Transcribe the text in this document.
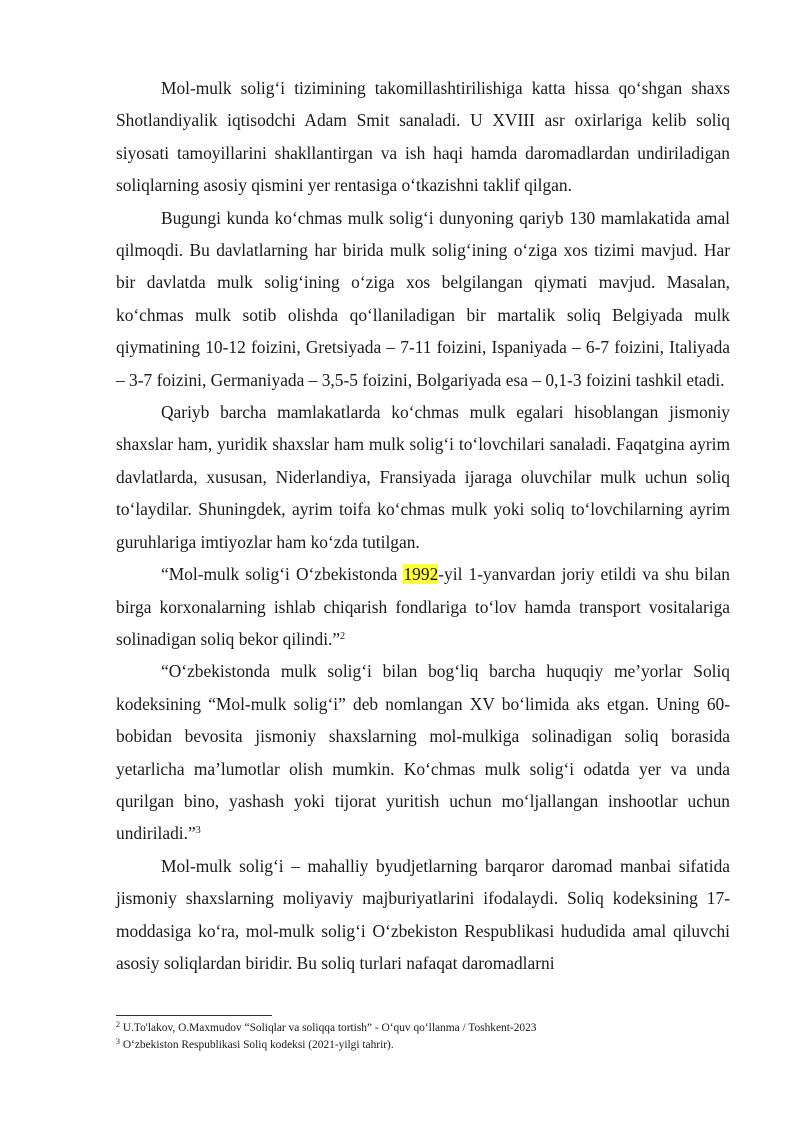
Mol-mulk solig‘i tizimining takomillashtirilishiga katta hissa qo‘shgan shaxs Shotlandiyalik iqtisodchi Adam Smit sanaladi. U XVIII asr oxirlariga kelib soliq siyosati tamoyillarini shakllantirgan va ish haqi hamda daromadlardan undiriladigan soliqlarning asosiy qismini yer rentasiga o‘tkazishni taklif qilgan.

Bugungi kunda ko‘chmas mulk solig‘i dunyoning qariyb 130 mamlakatida amal qilmoqdi. Bu davlatlarning har birida mulk solig‘ining o‘ziga xos tizimi mavjud. Har bir davlatda mulk solig‘ining o‘ziga xos belgilangan qiymati mavjud. Masalan, ko‘chmas mulk sotib olishda qo‘llaniladigan bir martalik soliq Belgiyada mulk qiymatining 10-12 foizini, Gretsiyada – 7-11 foizini, Ispaniyada – 6-7 foizini, Italiyada – 3-7 foizini, Germaniyada – 3,5-5 foizini, Bolgariyada esa – 0,1-3 foizini tashkil etadi.

Qariyb barcha mamlakatlarda ko‘chmas mulk egalari hisoblangan jismoniy shaxslar ham, yuridik shaxslar ham mulk solig‘i to‘lovchilari sanaladi. Faqatgina ayrim davlatlarda, xususan, Niderlandiya, Fransiyada ijaraga oluvchilar mulk uchun soliq to‘laydilar. Shuningdek, ayrim toifa ko‘chmas mulk yoki soliq to‘lovchilarning ayrim guruhlariga imtiyozlar ham ko‘zda tutilgan.

“Mol-mulk solig‘i O‘zbekistonda 1992-yil 1-yanvardan joriy etildi va shu bilan birga korxonalarning ishlab chiqarish fondlariga to‘lov hamda transport vositalariga solinadigan soliq bekor qilindi.”$^2$

“O‘zbekistonda mulk solig‘i bilan bog‘liq barcha huquqiy me’yorlar Soliq kodeksining “Mol-mulk solig‘i” deb nomlangan XV bo‘limida aks etgan. Uning 60-bobidan bevosita jismoniy shaxslarning mol-mulkiga solinadigan soliq borasida yetarlicha ma’lumotlar olish mumkin. Ko‘chmas mulk solig‘i odatda yer va unda qurilgan bino, yashash yoki tijorat yuritish uchun mo‘ljallangan inshootlar uchun undiriladi.”$^3$

Mol-mulk solig‘i – mahalliy byudjetlarning barqaror daromad manbai sifatida jismoniy shaxslarning moliyaviy majburiyatlarini ifodalaydi. Soliq kodeksining 17-moddasiga ko‘ra, mol-mulk solig‘i O‘zbekiston Respublikasi hududida amal qiluvchi asosiy soliqlardan biridir. Bu soliq turlari nafaqat daromadlarni

$^2$ U.To'lakov, O.Maxmudov “Soliqlar va soliqqa tortish” - O‘quv qo‘llanma / Toshkent-2023

$^3$ O‘zbekiston Respublikasi Soliq kodeksi (2021-yilgi tahrir).
